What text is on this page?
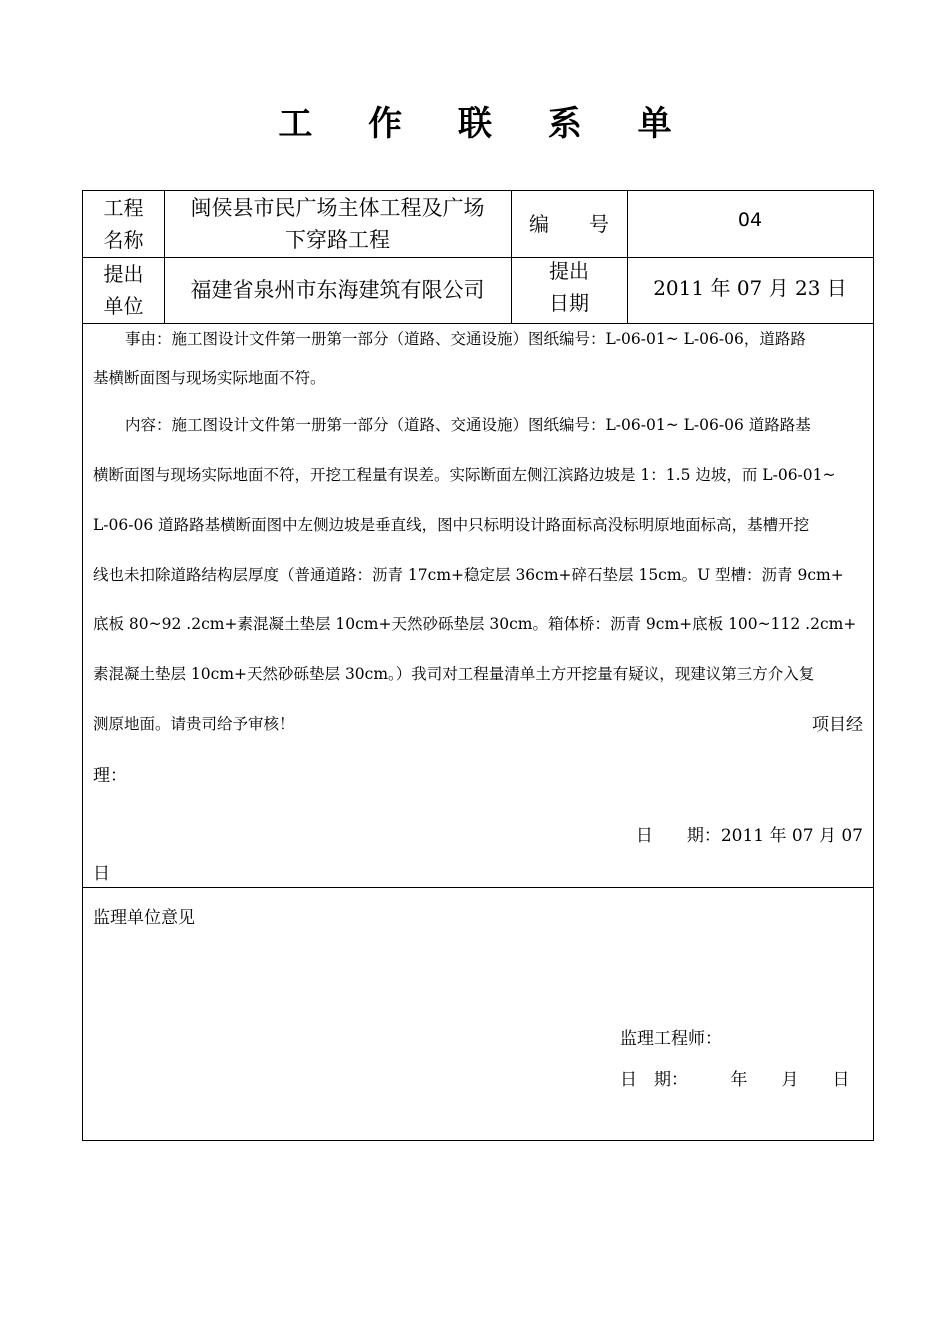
工 作 联 系 单
工程
名称
闽侯县市民广场主体工程及广场
下穿路工程
编　　号	04
提出
单位
福建省泉州市东海建筑有限公司
提出
日期
2011 年 07 月 23 日
事由：施工图设计文件第一册第一部分（道路、交通设施）图纸编号：L-06-01~ L-06-06，道路路
基横断面图与现场实际地面不符。
内容：施工图设计文件第一册第一部分（道路、交通设施）图纸编号：L-06-01~ L-06-06 道路路基
横断面图与现场实际地面不符，开挖工程量有误差。实际断面左侧江滨路边坡是 1：1.5 边坡，而 L-06-01~
L-06-06 道路路基横断面图中左侧边坡是垂直线，图中只标明设计路面标高没标明原地面标高，基槽开挖
线也未扣除道路结构层厚度（普通道路：沥青 17cm+稳定层 36cm+碎石垫层 15cm。U 型槽：沥青 9cm+
底板 80~92 .2cm+素混凝土垫层 10cm+天然砂砾垫层 30cm。箱体桥：沥青 9cm+底板 100~112 .2cm+
素混凝土垫层 10cm+天然砂砾垫层 30cm。）我司对工程量清单土方开挖量有疑议，现建议第三方介入复
测原地面。请贵司给予审核！	项目经
理：
日　　期：2011 年 07 月 07
日
监理单位意见
监理工程师：
日　期：　　　年　　月　　日
